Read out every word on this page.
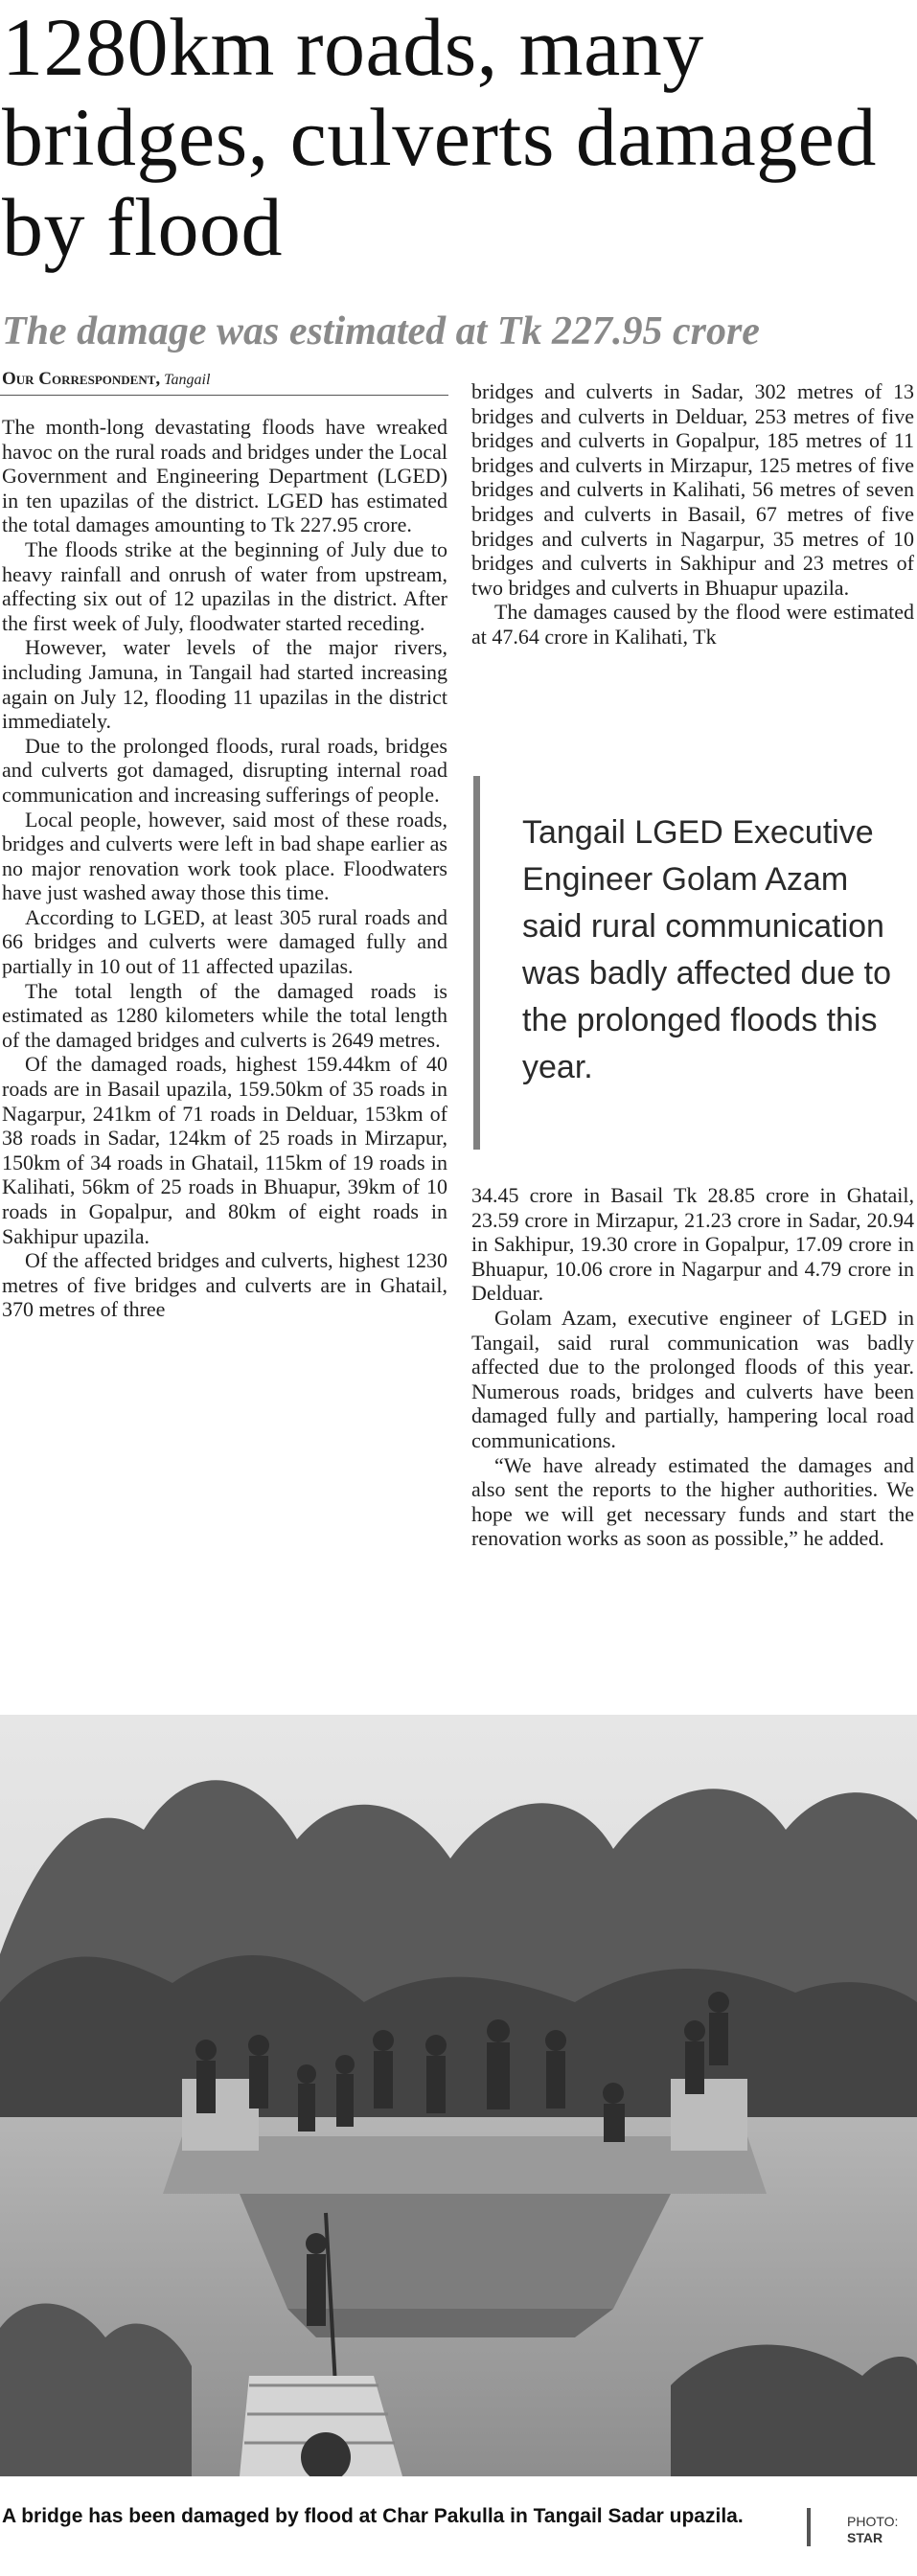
1280km roads, many bridges, culverts damaged by flood
The damage was estimated at Tk 227.95 crore
Our Correspondent, Tangail

The month-long devastating floods have wreaked havoc on the rural roads and bridges under the Local Government and Engineering Department (LGED) in ten upazilas of the district. LGED has estimated the total damages amounting to Tk 227.95 crore.

The floods strike at the beginning of July due to heavy rainfall and onrush of water from upstream, affecting six out of 12 upazilas in the district. After the first week of July, floodwater started receding.

However, water levels of the major rivers, including Jamuna, in Tangail had started increasing again on July 12, flooding 11 upazilas in the district immediately.

Due to the prolonged floods, rural roads, bridges and culverts got damaged, disrupting internal road communication and increasing sufferings of people.

Local people, however, said most of these roads, bridges and culverts were left in bad shape earlier as no major renovation work took place. Floodwaters have just washed away those this time.

According to LGED, at least 305 rural roads and 66 bridges and culverts were damaged fully and partially in 10 out of 11 affected upazilas.

The total length of the damaged roads is estimated as 1280 kilometers while the total length of the damaged bridges and culverts is 2649 metres.

Of the damaged roads, highest 159.44km of 40 roads are in Basail upazila, 159.50km of 35 roads in Nagarpur, 241km of 71 roads in Delduar, 153km of 38 roads in Sadar, 124km of 25 roads in Mirzapur, 150km of 34 roads in Ghatail, 115km of 19 roads in Kalihati, 56km of 25 roads in Bhuapur, 39km of 10 roads in Gopalpur, and 80km of eight roads in Sakhipur upazila.

Of the affected bridges and culverts, highest 1230 metres of five bridges and culverts are in Ghatail, 370 metres of three

bridges and culverts in Sadar, 302 metres of 13 bridges and culverts in Delduar, 253 metres of five bridges and culverts in Gopalpur, 185 metres of 11 bridges and culverts in Mirzapur, 125 metres of five bridges and culverts in Kalihati, 56 metres of seven bridges and culverts in Basail, 67 metres of five bridges and culverts in Nagarpur, 35 metres of 10 bridges and culverts in Sakhipur and 23 metres of two bridges and culverts in Bhuapur upazila.

The damages caused by the flood were estimated at 47.64 crore in Kalihati, Tk

Tangail LGED Executive Engineer Golam Azam said rural communication was badly affected due to the prolonged floods this year.

34.45 crore in Basail Tk 28.85 crore in Ghatail, 23.59 crore in Mirzapur, 21.23 crore in Sadar, 20.94 in Sakhipur, 19.30 crore in Gopalpur, 17.09 crore in Bhuapur, 10.06 crore in Nagarpur and 4.79 crore in Delduar.

Golam Azam, executive engineer of LGED in Tangail, said rural communication was badly affected due to the prolonged floods of this year. Numerous roads, bridges and culverts have been damaged fully and partially, hampering local road communications.

“We have already estimated the damages and also sent the reports to the higher authorities. We hope we will get necessary funds and start the renovation works as soon as possible,” he added.

A bridge has been damaged by flood at Char Pakulla in Tangail Sadar upazila.	PHOTO:
STAR
